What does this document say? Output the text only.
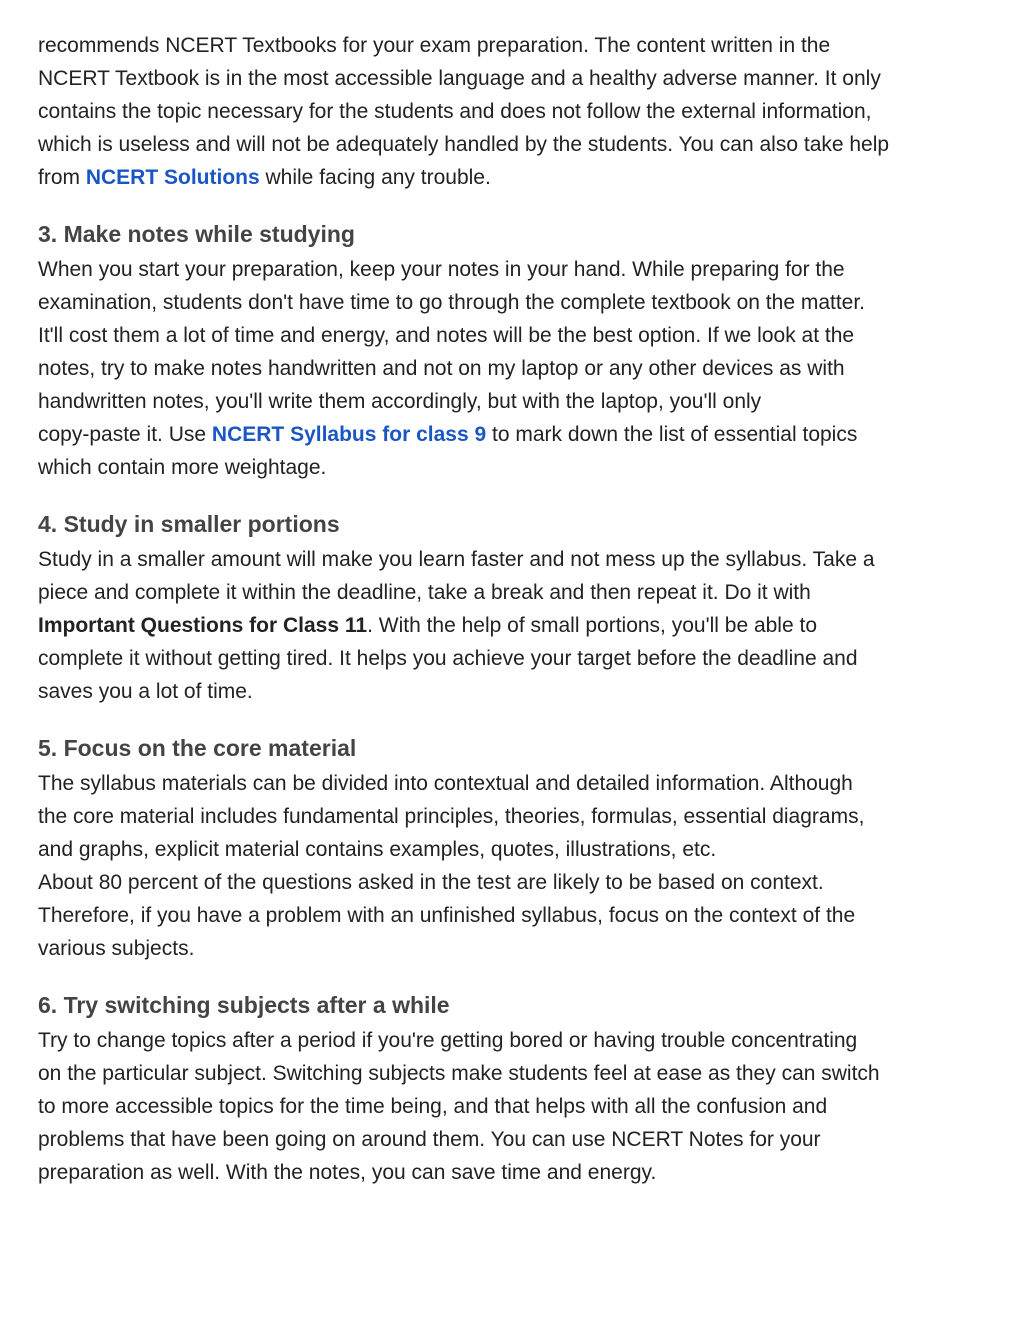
recommends NCERT Textbooks for your exam preparation. The content written in the
NCERT Textbook is in the most accessible language and a healthy adverse manner. It only
contains the topic necessary for the students and does not follow the external information,
which is useless and will not be adequately handled by the students. You can also take help
from NCERT Solutions while facing any trouble.

3. Make notes while studying

When you start your preparation, keep your notes in your hand. While preparing for the
examination, students don't have time to go through the complete textbook on the matter.
It'll cost them a lot of time and energy, and notes will be the best option. If we look at the
notes, try to make notes handwritten and not on my laptop or any other devices as with
handwritten notes, you'll write them accordingly, but with the laptop, you'll only
copy-paste it. Use NCERT Syllabus for class 9 to mark down the list of essential topics
which contain more weightage.

4. Study in smaller portions

Study in a smaller amount will make you learn faster and not mess up the syllabus. Take a
piece and complete it within the deadline, take a break and then repeat it. Do it with
Important Questions for Class 11. With the help of small portions, you'll be able to
complete it without getting tired. It helps you achieve your target before the deadline and
saves you a lot of time.

5. Focus on the core material

The syllabus materials can be divided into contextual and detailed information. Although
the core material includes fundamental principles, theories, formulas, essential diagrams,
and graphs, explicit material contains examples, quotes, illustrations, etc.
About 80 percent of the questions asked in the test are likely to be based on context.
Therefore, if you have a problem with an unfinished syllabus, focus on the context of the
various subjects.

6. Try switching subjects after a while

Try to change topics after a period if you're getting bored or having trouble concentrating
on the particular subject. Switching subjects make students feel at ease as they can switch
to more accessible topics for the time being, and that helps with all the confusion and
problems that have been going on around them. You can use NCERT Notes for your
preparation as well. With the notes, you can save time and energy.
